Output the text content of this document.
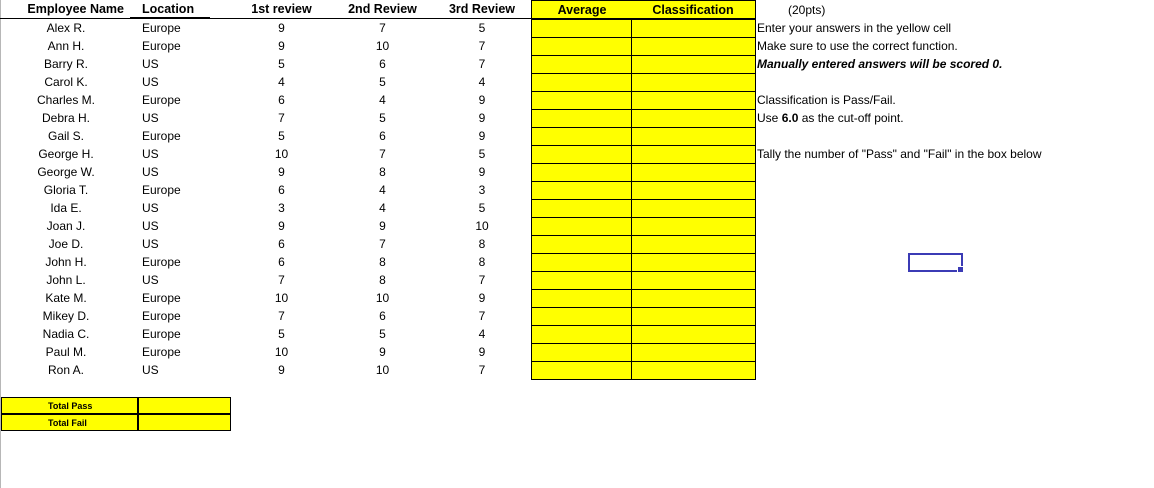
Employee Name	Location	1st review	2nd Review	3rd Review	Average	Classification
Alex R.	Europe	9	7	5
Ann H.	Europe	9	10	7
Barry R.	US	5	6	7
Carol K.	US	4	5	4
Charles M.	Europe	6	4	9
Debra H.	US	7	5	9
Gail S.	Europe	5	6	9
George H.	US	10	7	5
George W.	US	9	8	9
Gloria T.	Europe	6	4	3
Ida E.	US	3	4	5
Joan J.	US	9	9	10
Joe D.	US	6	7	8
John H.	Europe	6	8	8
John L.	US	7	8	7
Kate M.	Europe	10	10	9
Mikey D.	Europe	7	6	7
Nadia C.	Europe	5	5	4
Paul M.	Europe	10	9	9
Ron A.	US	9	10	7
(20pts)
Enter your answers in the yellow cell
Make sure to use the correct function.
Manually entered answers will be scored 0.
Classification is Pass/Fail.
Use 6.0 as the cut-off point.
Tally the number of "Pass" and "Fail" in the box below
Total Pass
Total Fail
